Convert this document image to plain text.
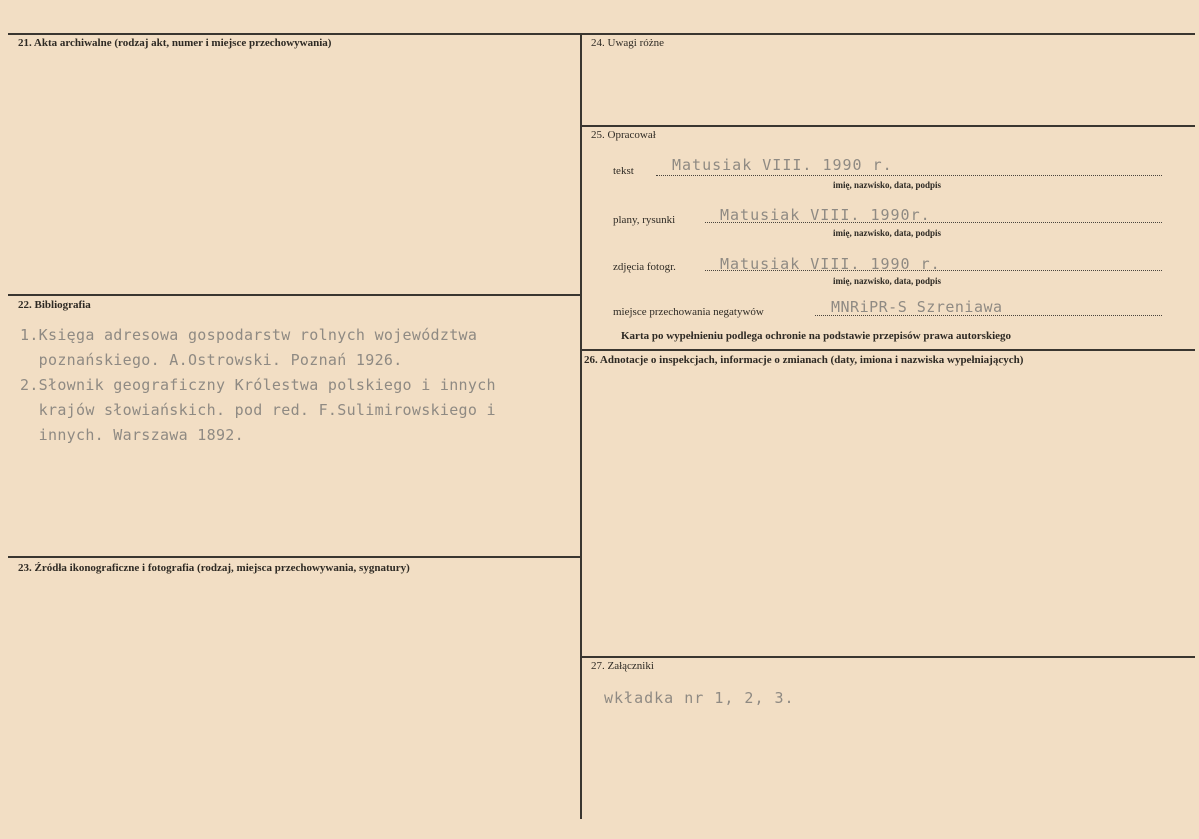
21. Akta archiwalne (rodzaj akt, numer i miejsce przechowywania)
22. Bibliografia
1.Księga adresowa gospodarstw rolnych województwa
poznańskiego. A.Ostrowski. Poznań 1926.
2.Słownik geograficzny Królestwa polskiego i innych
krajów słowiańskich. pod red. F.Sulimirowskiego i
innych. Warszawa 1892.
23. Źródła ikonograficzne i fotografia (rodzaj, miejsca przechowywania, sygnatury)
24. Uwagi różne
25. Opracował
tekst	Matusiak VIII. 1990 r.
imię, nazwisko, data, podpis
plany, rysunki	Matusiak VIII. 1990r.
imię, nazwisko, data, podpis
zdjęcia fotogr.	Matusiak VIII. 1990 r.
imię, nazwisko, data, podpis
miejsce przechowania negatywów	MNRiPR-S Szreniawa
Karta po wypełnieniu podlega ochronie na podstawie przepisów prawa autorskiego
26. Adnotacje o inspekcjach, informacje o zmianach (daty, imiona i nazwiska wypełniających)
27. Załączniki
wkładka nr 1, 2, 3.
